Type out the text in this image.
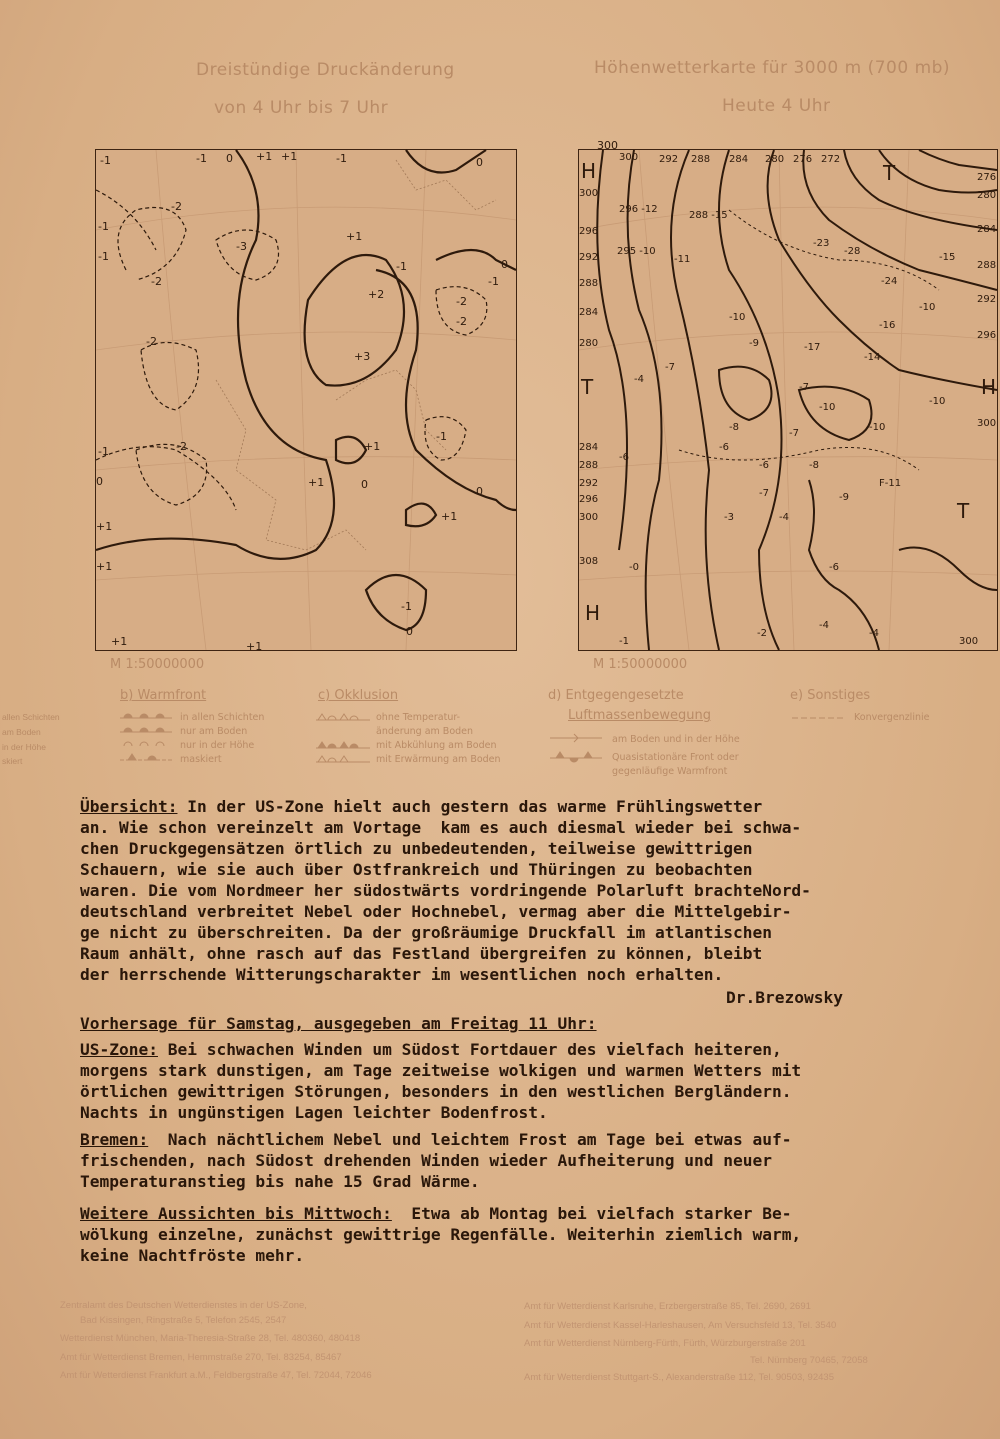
allen Schichten
am Boden
in der Höhe
skiert
Dreistündige Druckänderung
von 4 Uhr bis 7 Uhr
Höhenwetterkarte für 3000 m (700 mb)
Heute 4 Uhr
-1	-1 0 +1 +1	-1	0
-2
-1
-2
-2
-1
+1
+2
+3
-2
-1
-2
-1
-3
-2
0
+1
0
+1
+1
+1
+1
-1
0
+1	+1
0
0
-1
-1
M 1:50000000
300
300 292 288 284 280 276 272
300
296
292
288
284
280
284
288
292
296
300
308
276
280
284
288
292
296
300
296 -12
288 -15
295 -10
-11
-23
-28
-24
-15
-16
-10
-10
-9	-17
-14
-7
-10
-7
-4
-8
-7
-10
-10
-6
-6	-8
F-11
-6
-7	-9
-3	-4
-6
-0
-1
-2
-4
-4
300
H	T
T
H
T
H
M 1:50000000
b) Warmfront
in allen Schichten
nur am Boden
nur in der Höhe
maskiert
c) Okklusion
ohne Temperatur-
änderung am Boden
mit Abkühlung am Boden
mit Erwärmung am Boden
d) Entgegengesetzte
Luftmassenbewegung
am Boden und in der Höhe
Quasistationäre Front oder
gegenläufige Warmfront
e) Sonstiges
Konvergenzlinie
Übersicht: In der US-Zone hielt auch gestern das warme Frühlingswetter
an. Wie schon vereinzelt am Vortage  kam es auch diesmal wieder bei schwa-
chen Druckgegensätzen örtlich zu unbedeutenden, teilweise gewittrigen
Schauern, wie sie auch über Ostfrankreich und Thüringen zu beobachten
waren. Die vom Nordmeer her südostwärts vordringende Polarluft brachteNord-
deutschland verbreitet Nebel oder Hochnebel, vermag aber die Mittelgebir-
ge nicht zu überschreiten. Da der großräumige Druckfall im atlantischen
Raum anhält, ohne rasch auf das Festland übergreifen zu können, bleibt
der herrschende Witterungscharakter im wesentlichen noch erhalten.
Dr.Brezowsky
Vorhersage für Samstag, ausgegeben am Freitag 11 Uhr:
US-Zone: Bei schwachen Winden um Südost Fortdauer des vielfach heiteren,
morgens stark dunstigen, am Tage zeitweise wolkigen und warmen Wetters mit
örtlichen gewittrigen Störungen, besonders in den westlichen Bergländern.
Nachts in ungünstigen Lagen leichter Bodenfrost.
Bremen:  Nach nächtlichem Nebel und leichtem Frost am Tage bei etwas auf-
frischenden, nach Südost drehenden Winden wieder Aufheiterung und neuer
Temperaturanstieg bis nahe 15 Grad Wärme.
Weitere Aussichten bis Mittwoch:  Etwa ab Montag bei vielfach starker Be-
wölkung einzelne, zunächst gewittrige Regenfälle. Weiterhin ziemlich warm,
keine Nachtfröste mehr.
Zentralamt des Deutschen Wetterdienstes in der US-Zone,
Bad Kissingen, Ringstraße 5, Telefon 2545, 2547
Wetterdienst München, Maria-Theresia-Straße 28, Tel. 480360, 480418
Amt für Wetterdienst Bremen, Hemmstraße 270, Tel. 83254, 85467
Amt für Wetterdienst Frankfurt a.M., Feldbergstraße 47, Tel. 72044, 72046
Amt für Wetterdienst Karlsruhe, Erzbergerstraße 85, Tel. 2690, 2691
Amt für Wetterdienst Kassel-Harleshausen, Am Versuchsfeld 13, Tel. 3540
Amt für Wetterdienst Nürnberg-Fürth, Fürth, Würzburgerstraße 201
Tel. Nürnberg 70465, 72058
Amt für Wetterdienst Stuttgart-S., Alexanderstraße 112, Tel. 90503, 92435
